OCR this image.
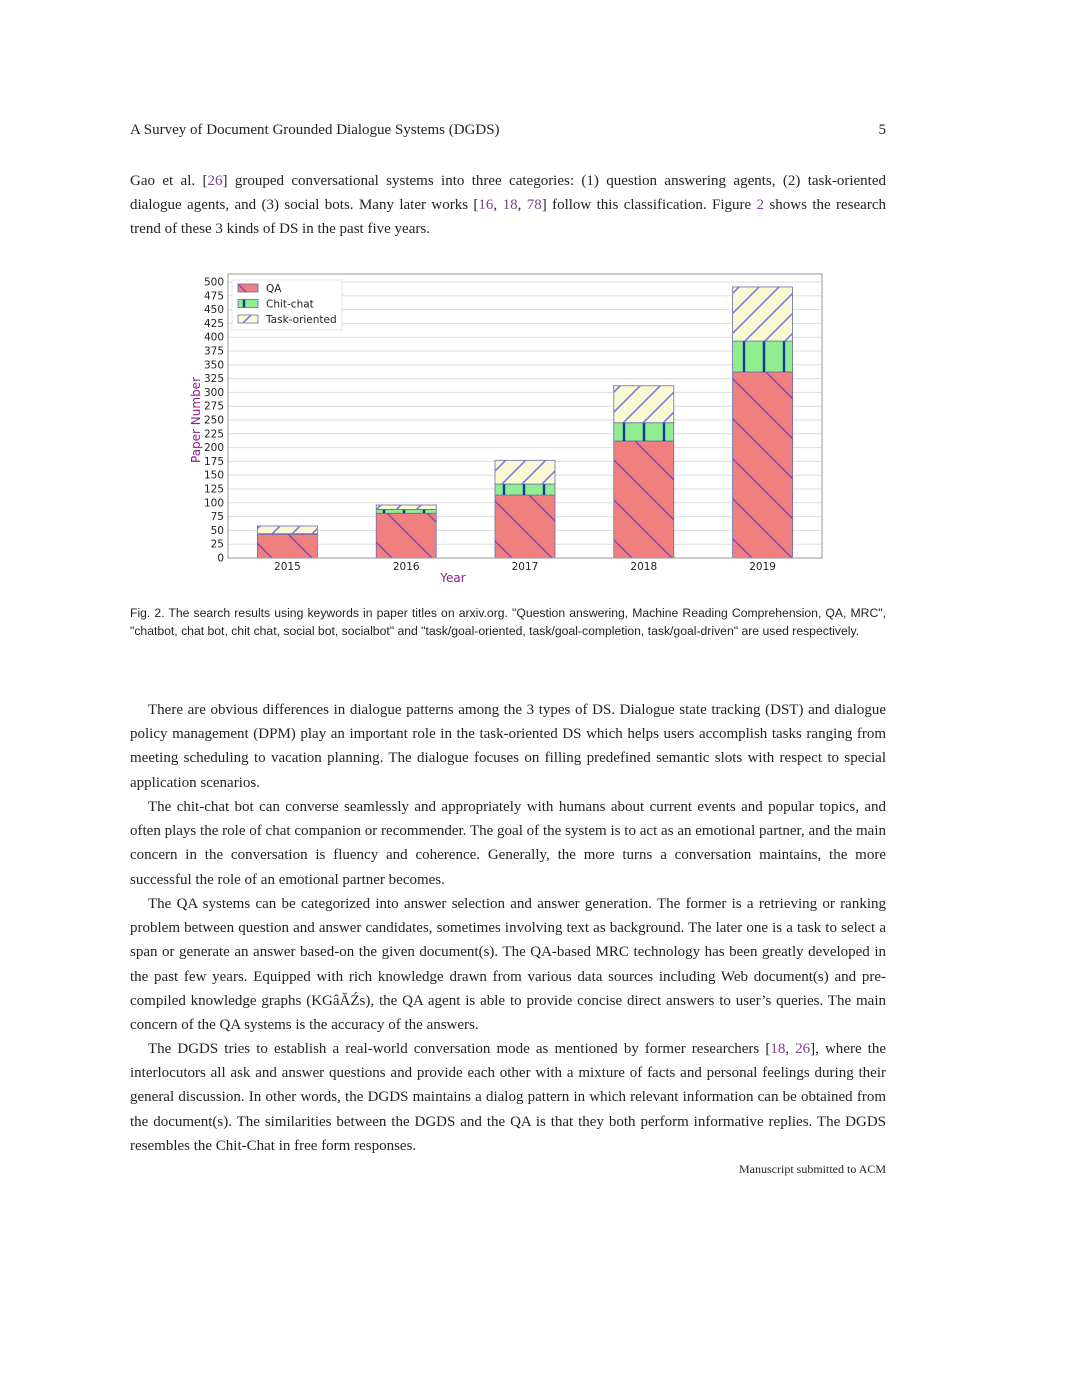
A Survey of Document Grounded Dialogue Systems (DGDS)	5
Gao et al. [26] grouped conversational systems into three categories: (1) question answering agents, (2) task-oriented dialogue agents, and (3) social bots. Many later works [16, 18, 78] follow this classification. Figure 2 shows the research trend of these 3 kinds of DS in the past five years.
0
25
50
75
100
125
150
175
200
225
250
275
300
325
350
375
400
425
450
475
500
2015	2016	2017	2018	2019
Year
Paper Number
QA
Chit-chat
Task-oriented
Fig. 2. The search results using keywords in paper titles on arxiv.org. "Question answering, Machine Reading Comprehension, QA, MRC", "chatbot, chat bot, chit chat, social bot, socialbot" and "task/goal-oriented, task/goal-completion, task/goal-driven" are used respectively.
There are obvious differences in dialogue patterns among the 3 types of DS. Dialogue state tracking (DST) and dialogue policy management (DPM) play an important role in the task-oriented DS which helps users accomplish tasks ranging from meeting scheduling to vacation planning. The dialogue focuses on filling predefined semantic slots with respect to special application scenarios.
The chit-chat bot can converse seamlessly and appropriately with humans about current events and popular topics, and often plays the role of chat companion or recommender. The goal of the system is to act as an emotional partner, and the main concern in the conversation is fluency and coherence. Generally, the more turns a conversation maintains, the more successful the role of an emotional partner becomes.
The QA systems can be categorized into answer selection and answer generation. The former is a retrieving or ranking problem between question and answer candidates, sometimes involving text as background. The later one is a task to select a span or generate an answer based-on the given document(s). The QA-based MRC technology has been greatly developed in the past few years. Equipped with rich knowledge drawn from various data sources including Web document(s) and pre-compiled knowledge graphs (KGâĂŹs), the QA agent is able to provide concise direct answers to user’s queries. The main concern of the QA systems is the accuracy of the answers.
The DGDS tries to establish a real-world conversation mode as mentioned by former researchers [18, 26], where the interlocutors all ask and answer questions and provide each other with a mixture of facts and personal feelings during their general discussion. In other words, the DGDS maintains a dialog pattern in which relevant information can be obtained from the document(s). The similarities between the DGDS and the QA is that they both perform informative replies. The DGDS resembles the Chit-Chat in free form responses.
Manuscript submitted to ACM
